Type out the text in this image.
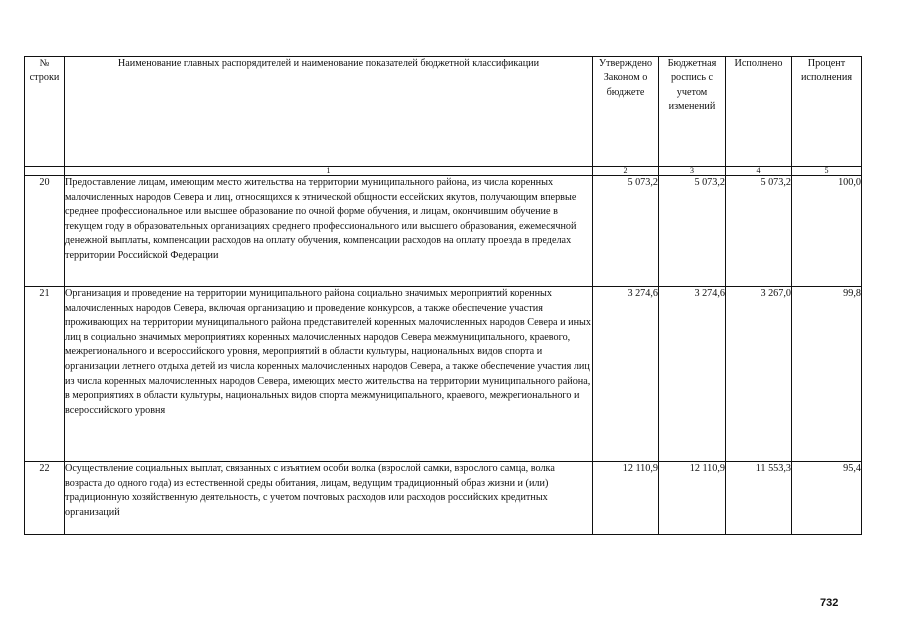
№ строки	Наименование главных распорядителей и наименование показателей бюджетной классификации	Утверждено Законом о бюджете	Бюджетная роспись с учетом изменений	Исполнено	Процент исполнения
	1	2	3	4	5
20	Предоставление лицам, имеющим место жительства на территории муниципального района, из числа коренных малочисленных народов Севера и лиц, относящихся к этнической общности ессейских якутов, получающим впервые среднее профессиональное или высшее образование по очной форме обучения, и лицам, окончившим обучение в текущем году в образовательных организациях среднего профессионального или высшего образования, ежемесячной денежной выплаты, компенсации расходов на оплату обучения, компенсации расходов на оплату проезда в пределах территории Российской Федерации	5 073,2	5 073,2	5 073,2	100,0
21	Организация и проведение на территории муниципального района социально значимых мероприятий коренных малочисленных народов Севера, включая организацию и проведение конкурсов, а также обеспечение участия проживающих на территории муниципального района представителей коренных малочисленных народов Севера и иных лиц в социально значимых мероприятиях коренных малочисленных народов Севера межмуниципального, краевого, межрегионального и всероссийского уровня, мероприятий в области культуры, национальных видов спорта и организации летнего отдыха детей из числа коренных малочисленных народов Севера, а также обеспечение участия лиц из числа коренных малочисленных народов Севера, имеющих место жительства на территории муниципального района, в мероприятиях в области культуры, национальных видов спорта межмуниципального, краевого, межрегионального и всероссийского уровня	3 274,6	3 274,6	3 267,0	99,8
22	Осуществление социальных выплат, связанных с изъятием особи волка (взрослой самки, взрослого самца, волка возраста до одного года) из естественной среды обитания, лицам, ведущим традиционный образ жизни и (или) традиционную хозяйственную деятельность, с учетом почтовых расходов или расходов российских кредитных организаций	12 110,9	12 110,9	11 553,3	95,4
732
